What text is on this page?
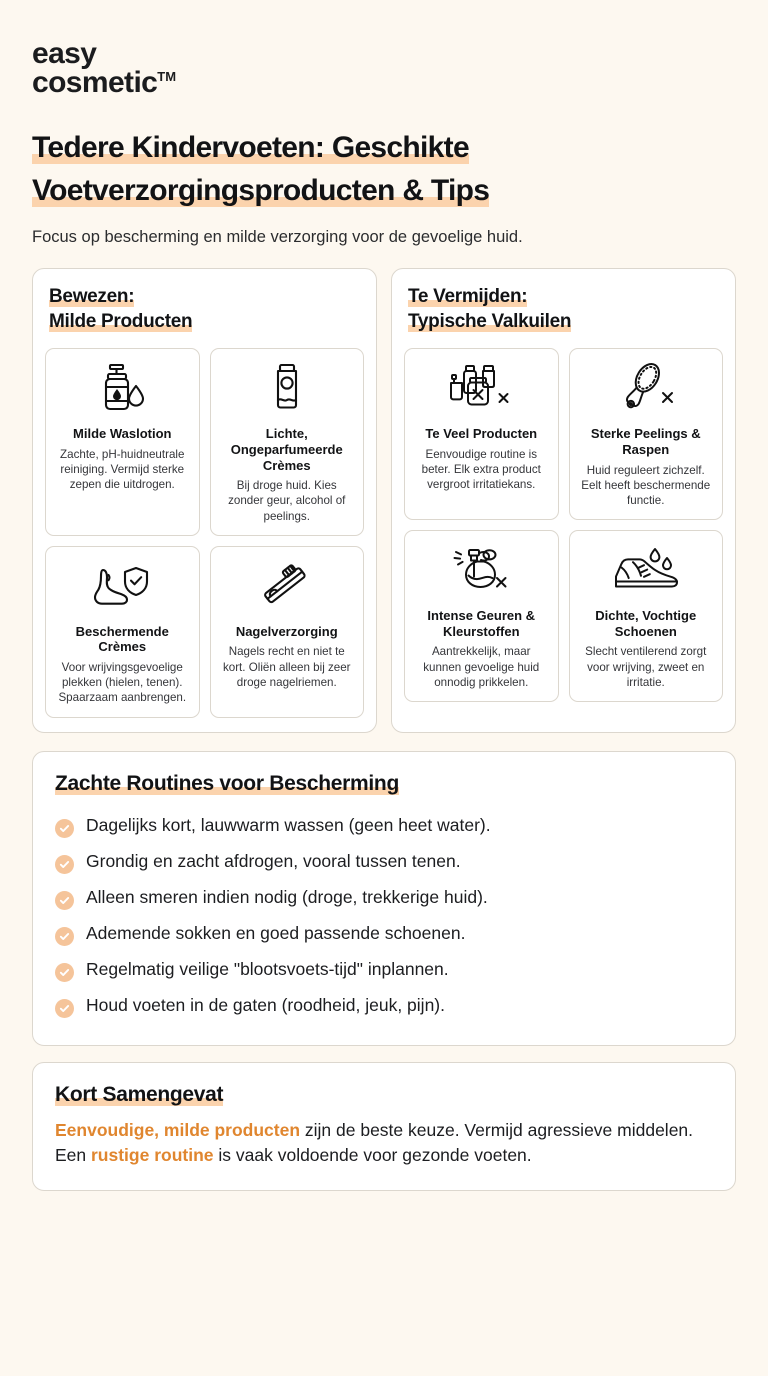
easy
cosmetic™
Tedere Kindervoeten: Geschikte
Voetverzorgingsproducten & Tips
Focus op bescherming en milde verzorging voor de gevoelige huid.
Bewezen:
Milde Producten
Milde Waslotion
Zachte, pH-huidneutrale reiniging. Vermijd sterke zepen die uitdrogen.
Lichte, Ongeparfumeerde Crèmes
Bij droge huid. Kies zonder geur, alcohol of peelings.
Beschermende Crèmes
Voor wrijvingsgevoelige plekken (hielen, tenen). Spaarzaam aanbrengen.
Nagelverzorging
Nagels recht en niet te kort. Oliën alleen bij zeer droge nagelriemen.
Te Vermijden:
Typische Valkuilen
Te Veel Producten
Eenvoudige routine is beter. Elk extra product vergroot irritatiekans.
Sterke Peelings & Raspen
Huid reguleert zichzelf. Eelt heeft beschermende functie.
Intense Geuren & Kleurstoffen
Aantrekkelijk, maar kunnen gevoelige huid onnodig prikkelen.
Dichte, Vochtige Schoenen
Slecht ventilerend zorgt voor wrijving, zweet en irritatie.
Zachte Routines voor Bescherming
Dagelijks kort, lauwwarm wassen (geen heet water).
Grondig en zacht afdrogen, vooral tussen tenen.
Alleen smeren indien nodig (droge, trekkerige huid).
Ademende sokken en goed passende schoenen.
Regelmatig veilige "blootsvoets-tijd" inplannen.
Houd voeten in de gaten (roodheid, jeuk, pijn).
Kort Samengevat
Eenvoudige, milde producten zijn de beste keuze. Vermijd agressieve middelen. Een rustige routine is vaak voldoende voor gezonde voeten.
